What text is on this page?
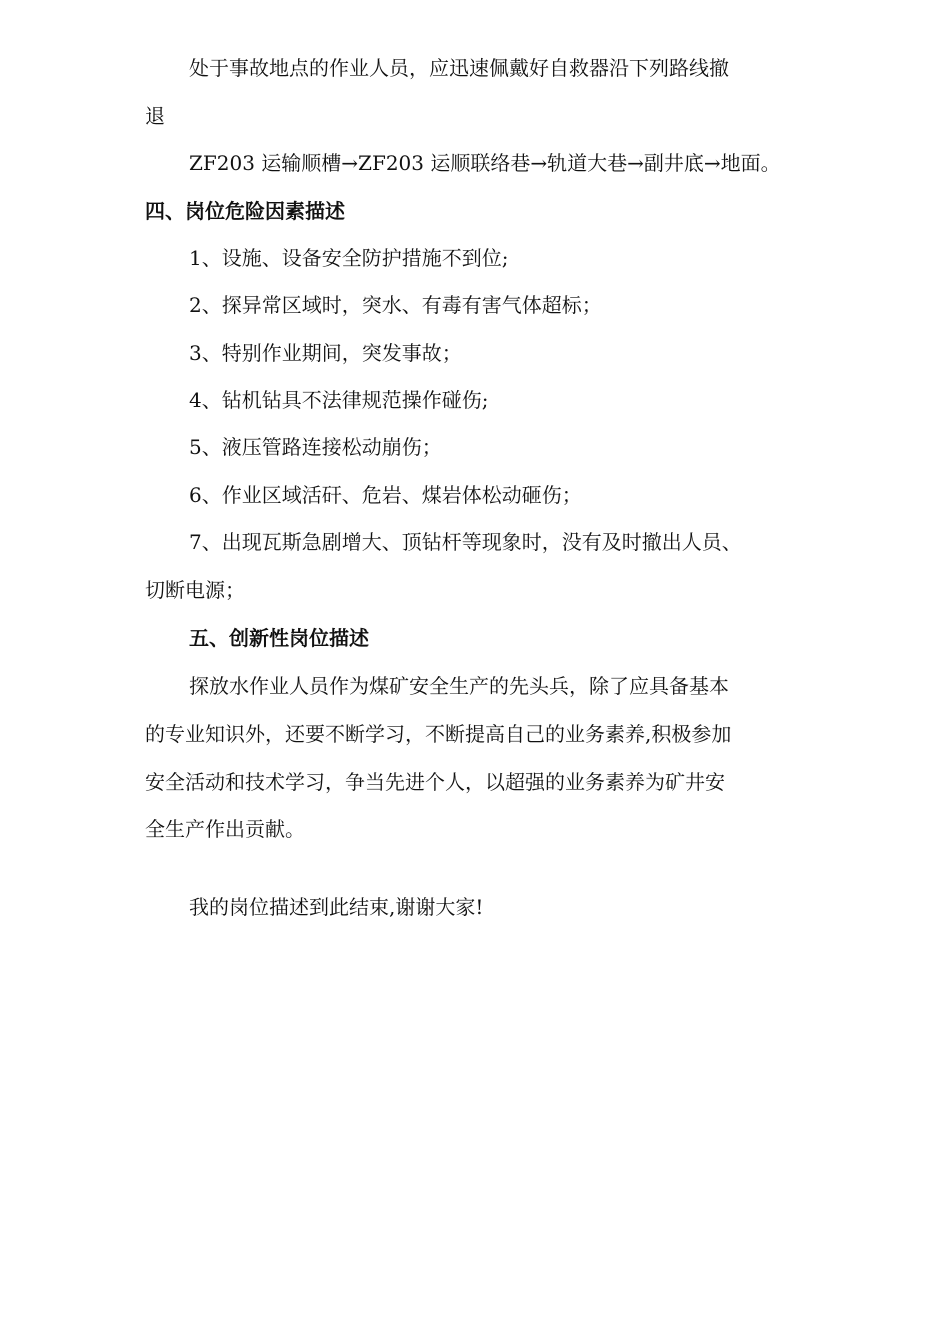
处于事故地点的作业人员，应迅速佩戴好自救器沿下列路线撤
退
ZF203 运输顺槽→ZF203 运顺联络巷→轨道大巷→副井底→地面。
四、岗位危险因素描述
1、设施、设备安全防护措施不到位;
2、探异常区域时，突水、有毒有害气体超标；
3、特别作业期间，突发事故；
4、钻机钻具不法律规范操作碰伤;
5、液压管路连接松动崩伤；
6、作业区域活矸、危岩、煤岩体松动砸伤；
7、出现瓦斯急剧增大、顶钻杆等现象时，没有及时撤出人员、
切断电源；
五、创新性岗位描述
探放水作业人员作为煤矿安全生产的先头兵，除了应具备基本
的专业知识外，还要不断学习，不断提高自己的业务素养,积极参加
安全活动和技术学习，争当先进个人，以超强的业务素养为矿井安
全生产作出贡献。
我的岗位描述到此结束,谢谢大家!
